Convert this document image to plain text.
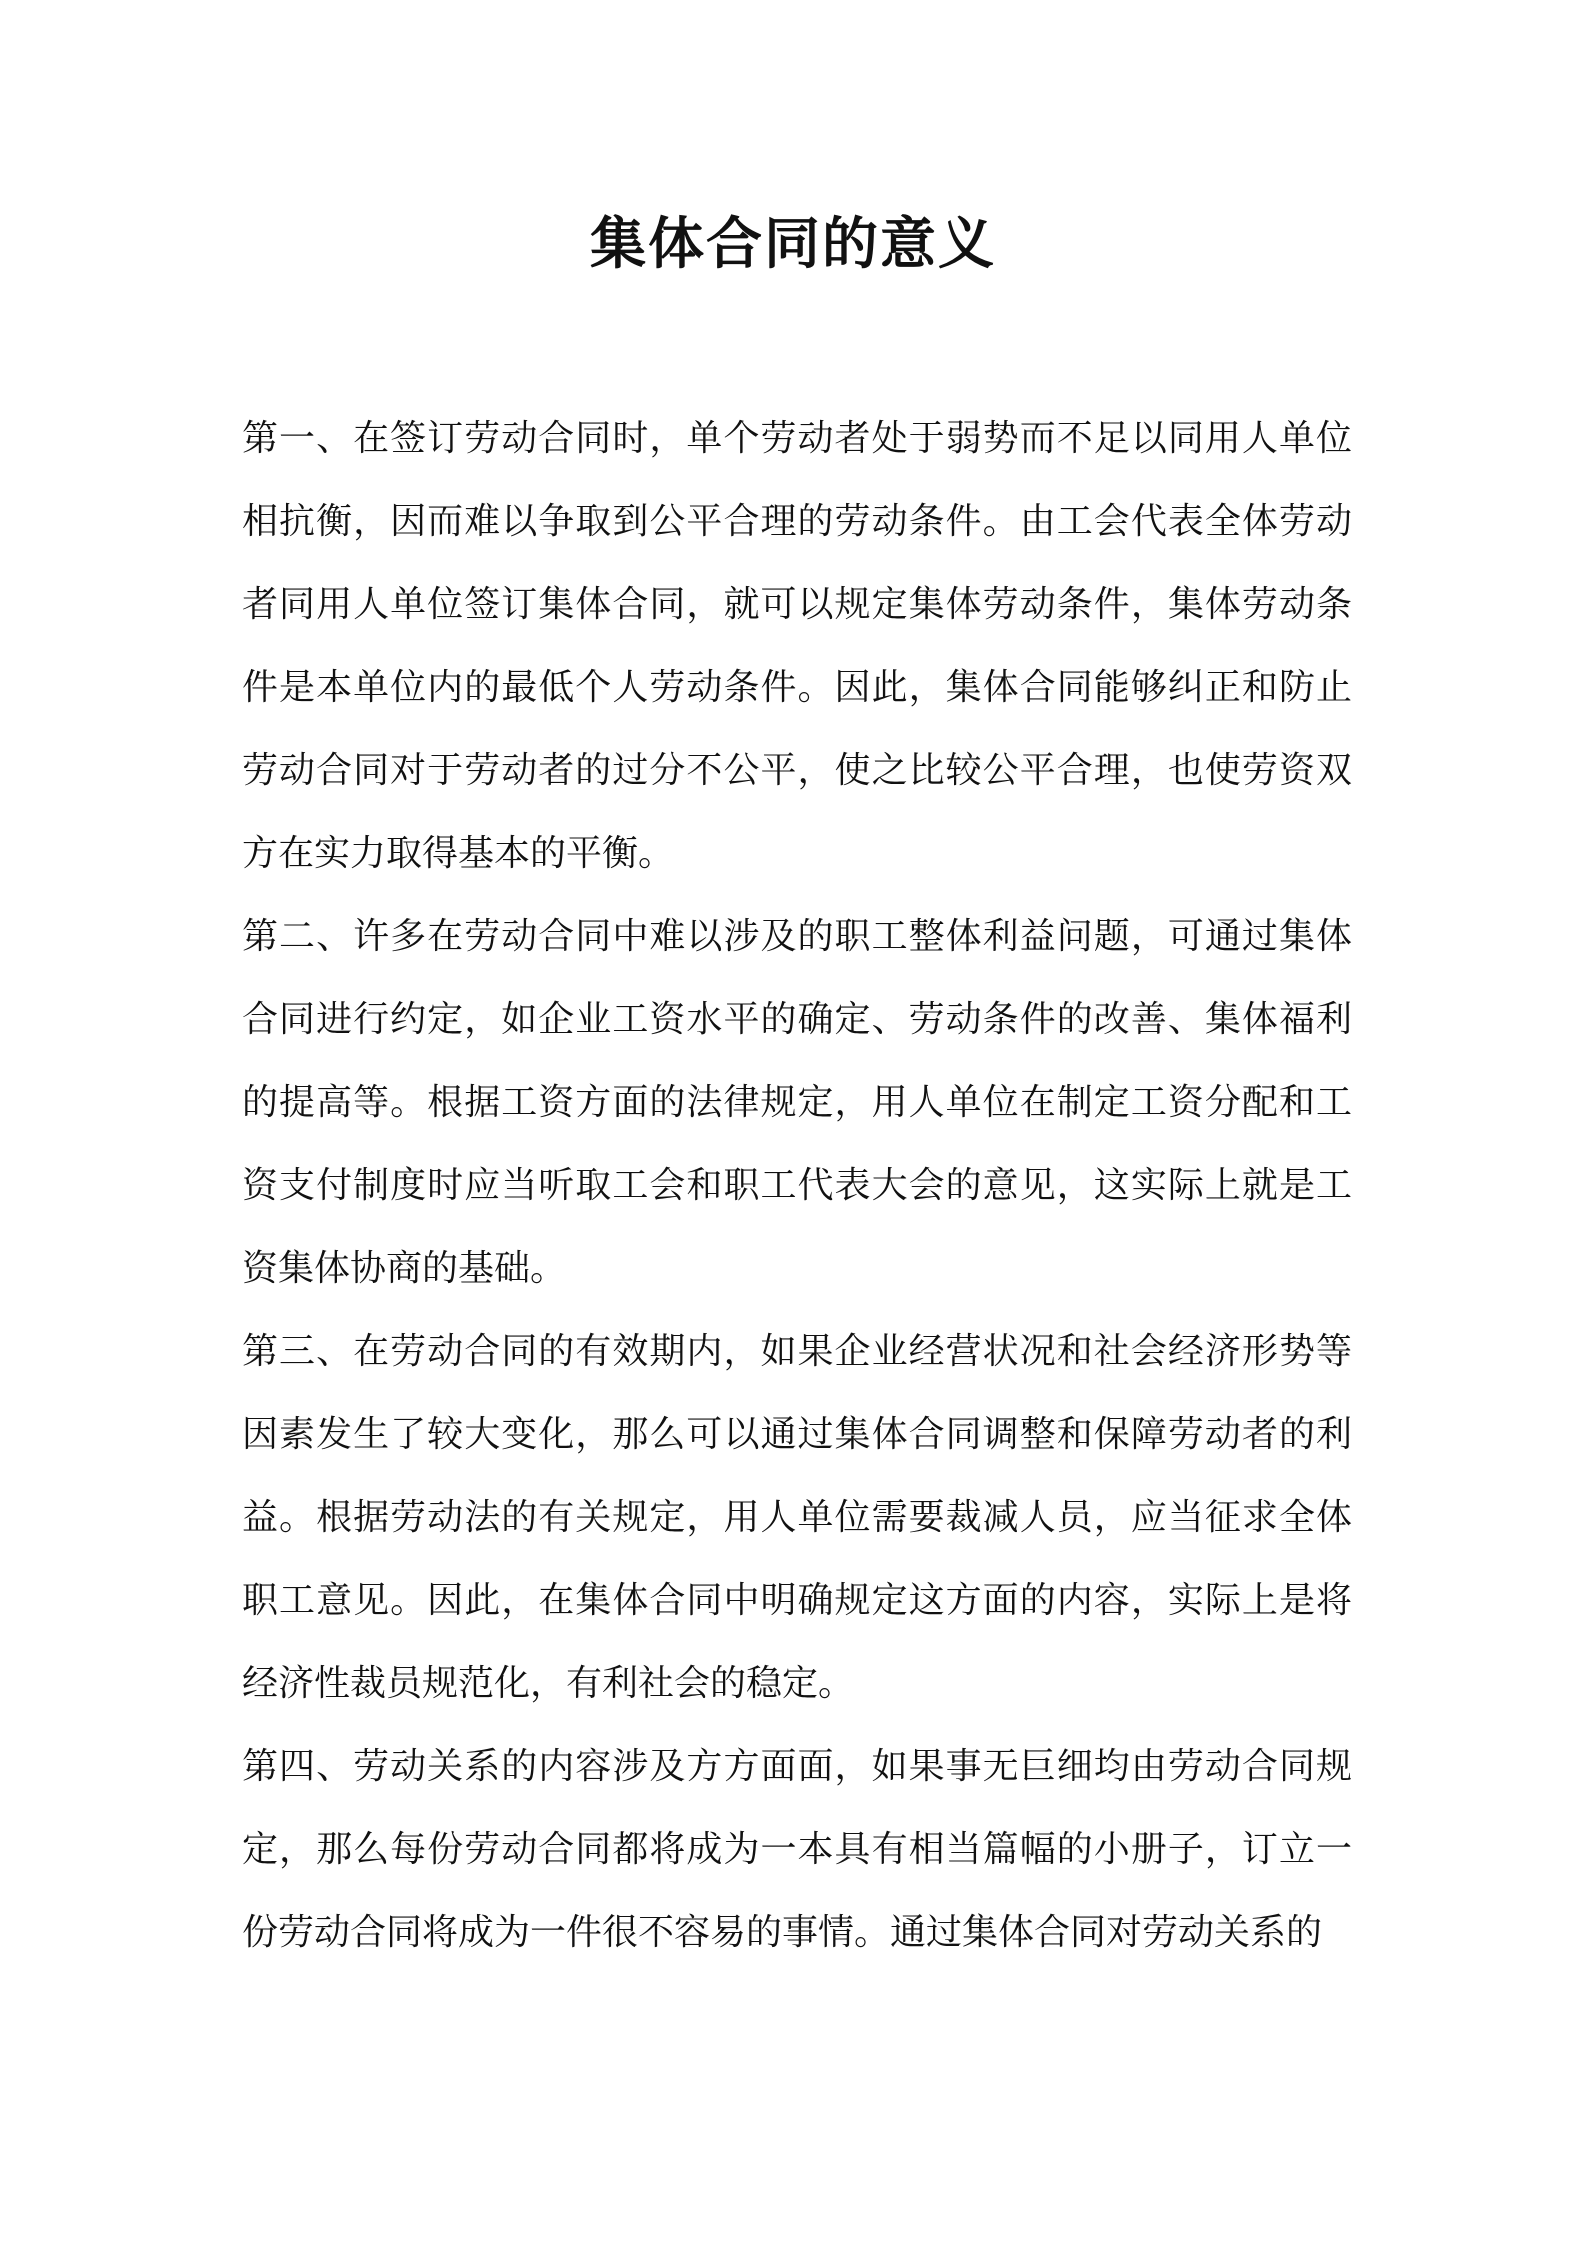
集体合同的意义

第一、在签订劳动合同时，单个劳动者处于弱势而不足以同用人单位相抗衡，因而难以争取到公平合理的劳动条件。由工会代表全体劳动者同用人单位签订集体合同，就可以规定集体劳动条件，集体劳动条件是本单位内的最低个人劳动条件。因此，集体合同能够纠正和防止劳动合同对于劳动者的过分不公平，使之比较公平合理，也使劳资双方在实力取得基本的平衡。

第二、许多在劳动合同中难以涉及的职工整体利益问题，可通过集体合同进行约定，如企业工资水平的确定、劳动条件的改善、集体福利的提高等。根据工资方面的法律规定，用人单位在制定工资分配和工资支付制度时应当听取工会和职工代表大会的意见，这实际上就是工资集体协商的基础。

第三、在劳动合同的有效期内，如果企业经营状况和社会经济形势等因素发生了较大变化，那么可以通过集体合同调整和保障劳动者的利益。根据劳动法的有关规定，用人单位需要裁减人员，应当征求全体职工意见。因此，在集体合同中明确规定这方面的内容，实际上是将经济性裁员规范化，有利社会的稳定。

第四、劳动关系的内容涉及方方面面，如果事无巨细均由劳动合同规定，那么每份劳动合同都将成为一本具有相当篇幅的小册子，订立一份劳动合同将成为一件很不容易的事情。通过集体合同对劳动关系的
